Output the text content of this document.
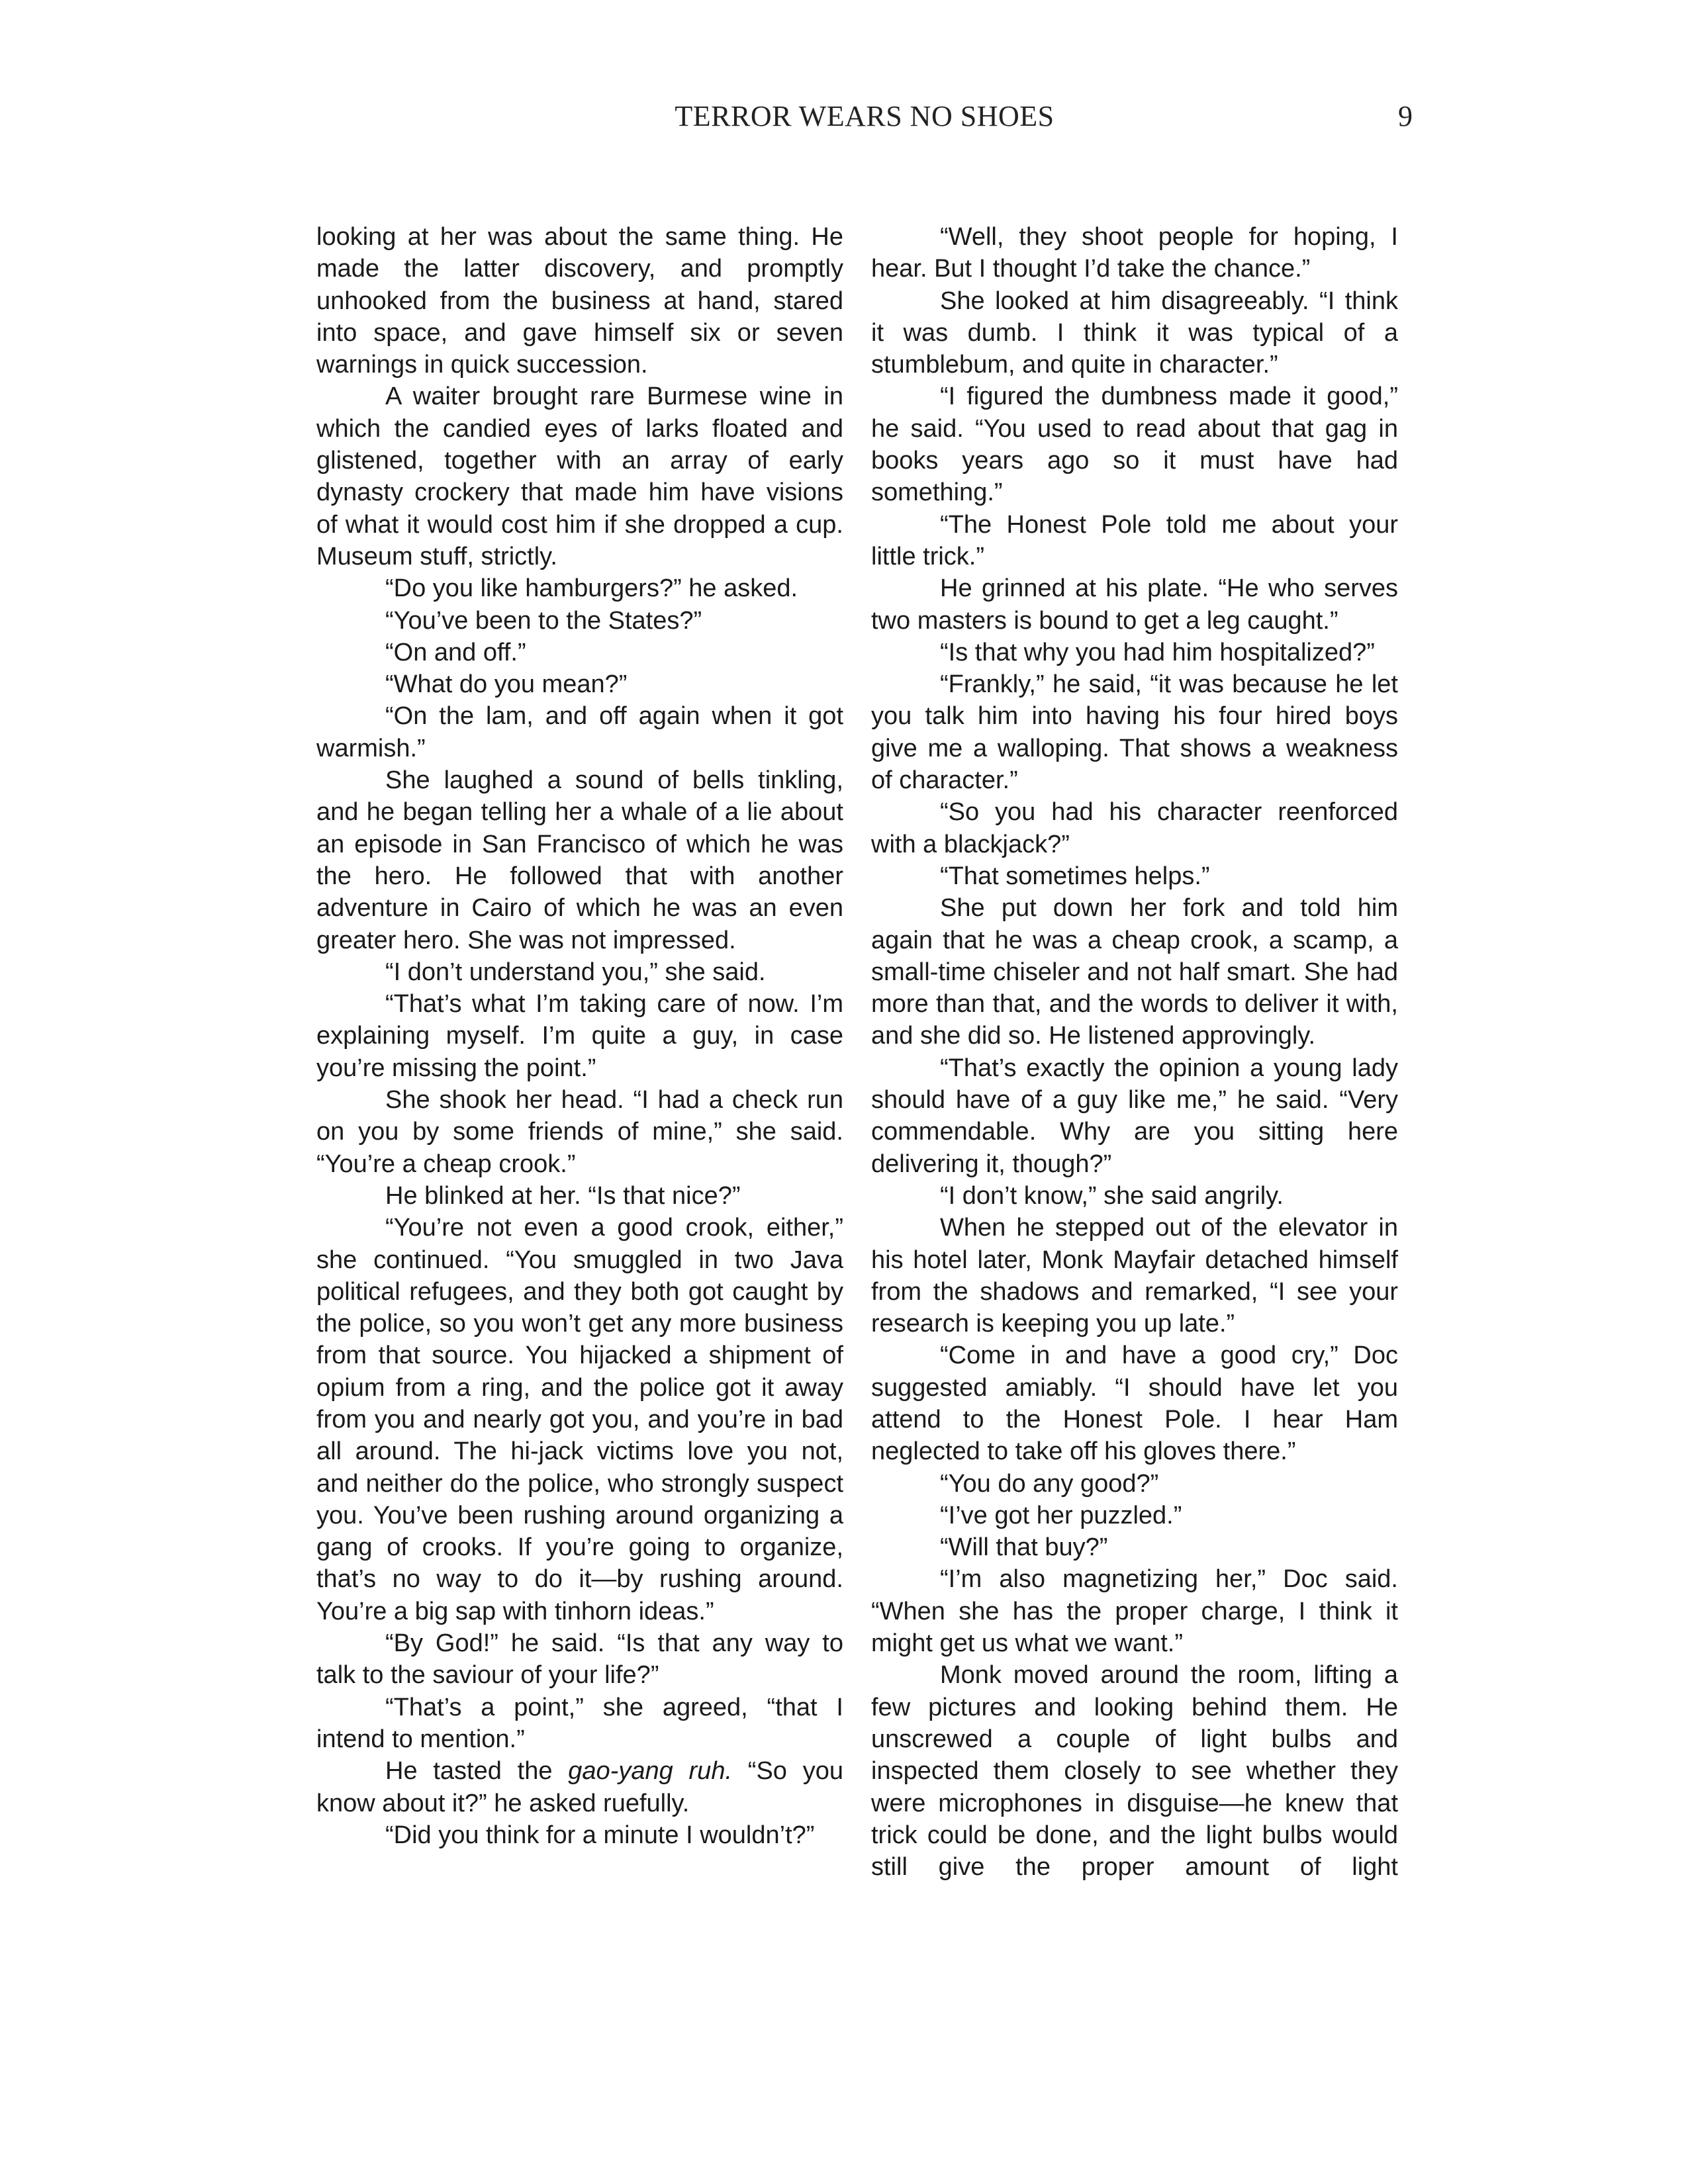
TERROR WEARS NO SHOES	9

looking at her was about the same thing. He made the latter discovery, and promptly unhooked from the business at hand, stared into space, and gave himself six or seven warnings in quick succession.

A waiter brought rare Burmese wine in which the candied eyes of larks floated and glistened, together with an array of early dynasty crockery that made him have visions of what it would cost him if she dropped a cup. Museum stuff, strictly.

“Do you like hamburgers?” he asked.

“You’ve been to the States?”

“On and off.”

“What do you mean?”

“On the lam, and off again when it got warmish.”

She laughed a sound of bells tinkling, and he began telling her a whale of a lie about an episode in San Francisco of which he was the hero. He followed that with another adventure in Cairo of which he was an even greater hero. She was not impressed.

“I don’t understand you,” she said.

“That’s what I’m taking care of now. I’m explaining myself. I’m quite a guy, in case you’re missing the point.”

She shook her head. “I had a check run on you by some friends of mine,” she said. “You’re a cheap crook.”

He blinked at her. “Is that nice?”

“You’re not even a good crook, either,” she continued. “You smuggled in two Java political refugees, and they both got caught by the police, so you won’t get any more business from that source. You hijacked a shipment of opium from a ring, and the police got it away from you and nearly got you, and you’re in bad all around. The hi-jack victims love you not, and neither do the police, who strongly suspect you. You’ve been rushing around organizing a gang of crooks. If you’re going to organize, that’s no way to do it—by rushing around. You’re a big sap with tinhorn ideas.”

“By God!” he said. “Is that any way to talk to the saviour of your life?”

“That’s a point,” she agreed, “that I intend to mention.”

He tasted the gao-yang ruh. “So you know about it?” he asked ruefully.

“Did you think for a minute I wouldn’t?”

“Well, they shoot people for hoping, I hear. But I thought I’d take the chance.”

She looked at him disagreeably. “I think it was dumb. I think it was typical of a stumblebum, and quite in character.”

“I figured the dumbness made it good,” he said. “You used to read about that gag in books years ago so it must have had something.”

“The Honest Pole told me about your little trick.”

He grinned at his plate. “He who serves two masters is bound to get a leg caught.”

“Is that why you had him hospitalized?”

“Frankly,” he said, “it was because he let you talk him into having his four hired boys give me a walloping. That shows a weakness of character.”

“So you had his character reenforced with a blackjack?”

“That sometimes helps.”

She put down her fork and told him again that he was a cheap crook, a scamp, a small-time chiseler and not half smart. She had more than that, and the words to deliver it with, and she did so. He listened approvingly.

“That’s exactly the opinion a young lady should have of a guy like me,” he said. “Very commendable. Why are you sitting here delivering it, though?”

“I don’t know,” she said angrily.

When he stepped out of the elevator in his hotel later, Monk Mayfair detached himself from the shadows and remarked, “I see your research is keeping you up late.”

“Come in and have a good cry,” Doc suggested amiably. “I should have let you attend to the Honest Pole. I hear Ham neglected to take off his gloves there.”

“You do any good?”

“I’ve got her puzzled.”

“Will that buy?”

“I’m also magnetizing her,” Doc said. “When she has the proper charge, I think it might get us what we want.”

Monk moved around the room, lifting a few pictures and looking behind them. He unscrewed a couple of light bulbs and inspected them closely to see whether they were microphones in disguise—he knew that trick could be done, and the light bulbs would still give the proper amount of light
